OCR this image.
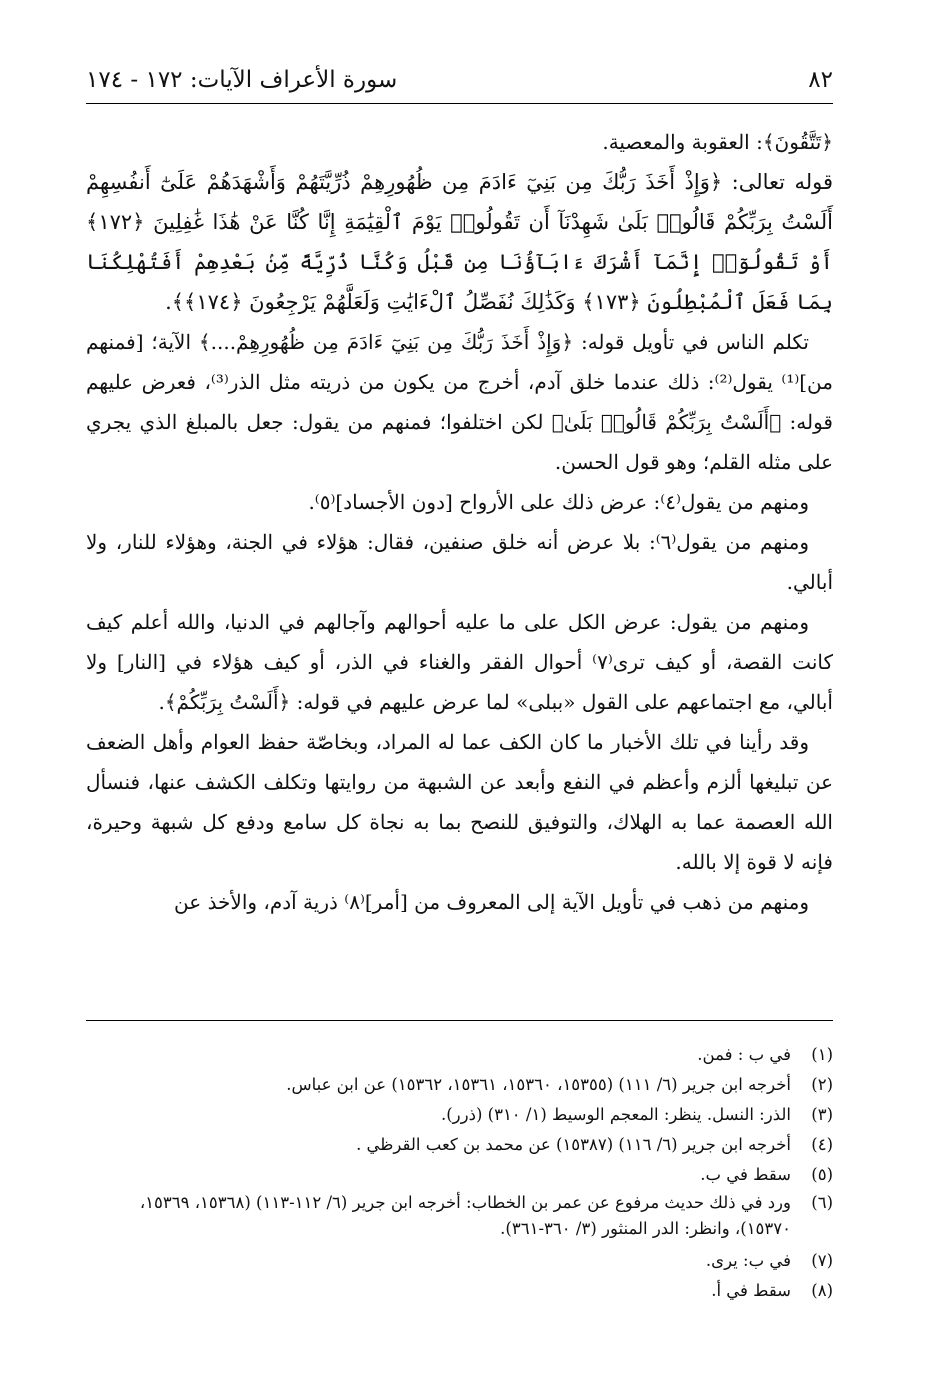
٨٢
سورة الأعراف الآيات: ١٧٢ - ١٧٤

﴿تَتَّقُونَ﴾: العقوبة والمعصية.

قوله تعالى: ﴿وَإِذْ أَخَذَ رَبُّكَ مِن بَنِيٓ ءَادَمَ مِن ظُهُورِهِمْ ذُرِّيَّتَهُمْ وَأَشْهَدَهُمْ عَلَىٰٓ أَنفُسِهِمْ أَلَسْتُ بِرَبِّكُمْ قَالُوا۟ بَلَىٰ شَهِدْنَآ أَن تَقُولُوا۟ يَوْمَ ٱلْقِيَٰمَةِ إِنَّا كُنَّا عَنْ هَٰذَا غَٰفِلِينَ ﴿١٧٢﴾ أَوْ تَقُولُوٓا۟ إِنَّمَآ أَشْرَكَ ءَابَآؤُنَا مِن قَبْلُ وَكُنَّا ذُرِّيَّةً مِّنۢ بَعْدِهِمْ أَفَتُهْلِكُنَا بِمَا فَعَلَ ٱلْمُبْطِلُونَ ﴿١٧٣﴾ وَكَذَٰلِكَ نُفَصِّلُ ٱلْءَايَٰتِ وَلَعَلَّهُمْ يَرْجِعُونَ ﴿١٧٤﴾﴾.

تكلم الناس في تأويل قوله: ﴿وَإِذْ أَخَذَ رَبُّكَ مِن بَنِيٓ ءَادَمَ مِن ظُهُورِهِمْ....﴾ الآية؛ [فمنهم من]⁽¹⁾ يقول⁽²⁾: ذلك عندما خلق آدم، أخرج من يكون من ذريته مثل الذر⁽³⁾، فعرض عليهم قوله: ﴿أَلَسْتُ بِرَبِّكُمْ قَالُوا۟ بَلَىٰ﴾ لكن اختلفوا؛ فمنهم من يقول: جعل بالمبلغ الذي يجري على مثله القلم؛ وهو قول الحسن.

ومنهم من يقول⁽٤⁾: عرض ذلك على الأرواح [دون الأجساد]⁽٥⁾.

ومنهم من يقول⁽٦⁾: بلا عرض أنه خلق صنفين، فقال: هؤلاء في الجنة، وهؤلاء للنار، ولا أبالي.

ومنهم من يقول: عرض الكل على ما عليه أحوالهم وآجالهم في الدنيا، والله أعلم كيف كانت القصة، أو كيف ترى⁽٧⁾ أحوال الفقر والغناء في الذر، أو كيف هؤلاء في [النار] ولا أبالي، مع اجتماعهم على القول «ببلى» لما عرض عليهم في قوله: ﴿أَلَسْتُ بِرَبِّكُمْ﴾.

وقد رأينا في تلك الأخبار ما كان الكف عما له المراد، وبخاصّة حفظ العوام وأهل الضعف عن تبليغها ألزم وأعظم في النفع وأبعد عن الشبهة من روايتها وتكلف الكشف عنها، فنسأل الله العصمة عما به الهلاك، والتوفيق للنصح بما به نجاة كل سامع ودفع كل شبهة وحيرة، فإنه لا قوة إلا بالله.

ومنهم من ذهب في تأويل الآية إلى المعروف من [أمر]⁽٨⁾ ذرية آدم، والأخذ عن

(١)
في ب : فمن.
(٢)
أخرجه ابن جرير (٦/ ١١١) (١٥٣٥٥، ١٥٣٦٠، ١٥٣٦١، ١٥٣٦٢) عن ابن عباس.
(٣)
الذر: النسل. ينظر: المعجم الوسيط (١/ ٣١٠) (ذرر).
(٤)
أخرجه ابن جرير (٦/ ١١٦) (١٥٣٨٧) عن محمد بن كعب القرظي .
(٥)
سقط في ب.
(٦)
ورد في ذلك حديث مرفوع عن عمر بن الخطاب: أخرجه ابن جرير (٦/ ١١٢-١١٣) (١٥٣٦٨، ١٥٣٦٩، ١٥٣٧٠)، وانظر: الدر المنثور (٣/ ٣٦٠-٣٦١).
(٧)
في ب: يرى.
(٨)
سقط في أ.
